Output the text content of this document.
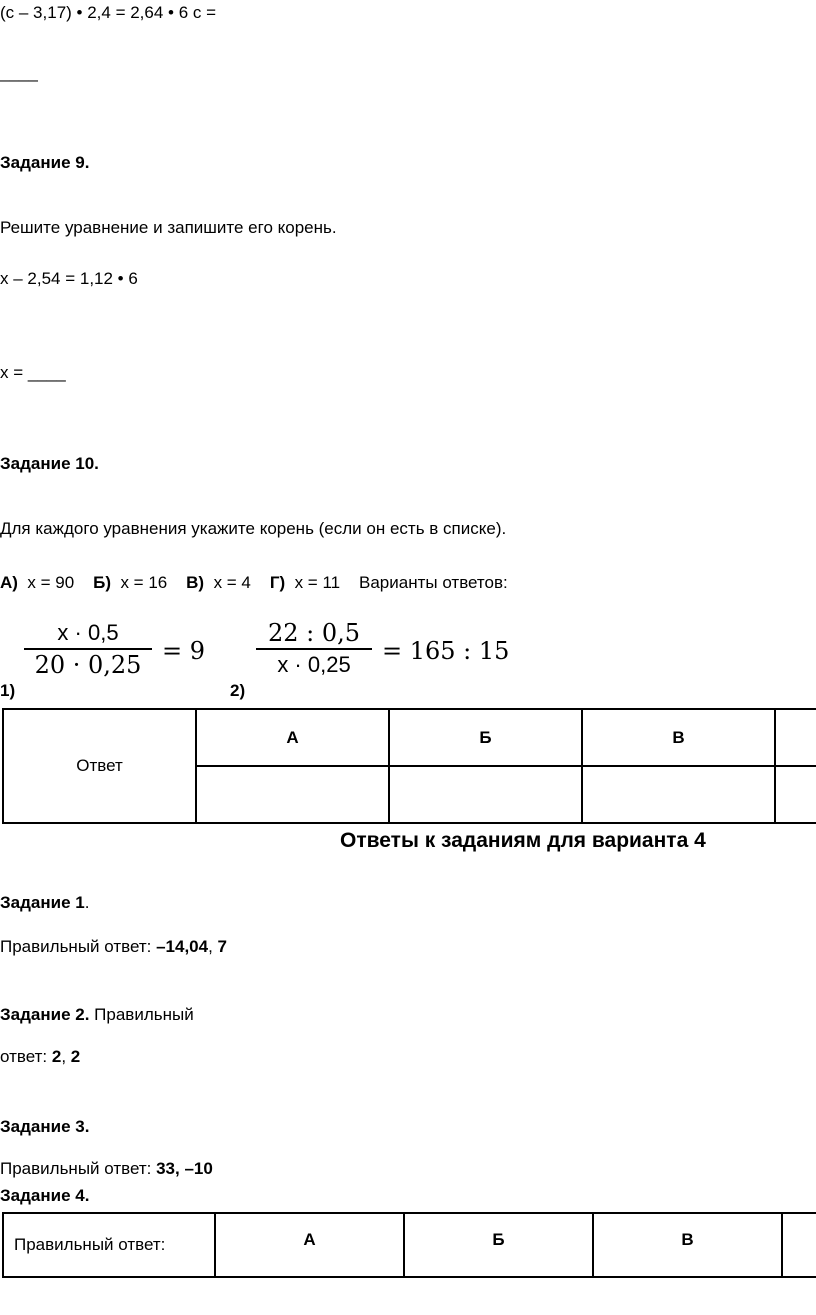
(с – 3,17) • 2,4 = 2,64 • 6 с =
____
Задание 9.
Решите уравнение и запишите его корень.
х – 2,54 = 1,12 • 6
х = ____
Задание 10.
Для каждого уравнения укажите корень (если он есть в списке).
А) х = 90 Б) х = 16 В) х = 4 Г) х = 11 Варианты ответов:
х · 0,5
20 · 0,25 = 9
1)
22 : 0,5
х · 0,25	= 165 : 15
2)
Ответ	А	Б	В	

Ответы к заданиям для варианта 4
Задание 1.
Правильный ответ: –14,04, 7
Задание 2. Правильный
ответ: 2, 2
Задание 3.
Правильный ответ: 33, –10
Задание 4.
Правильный ответ:	А	Б	В	
